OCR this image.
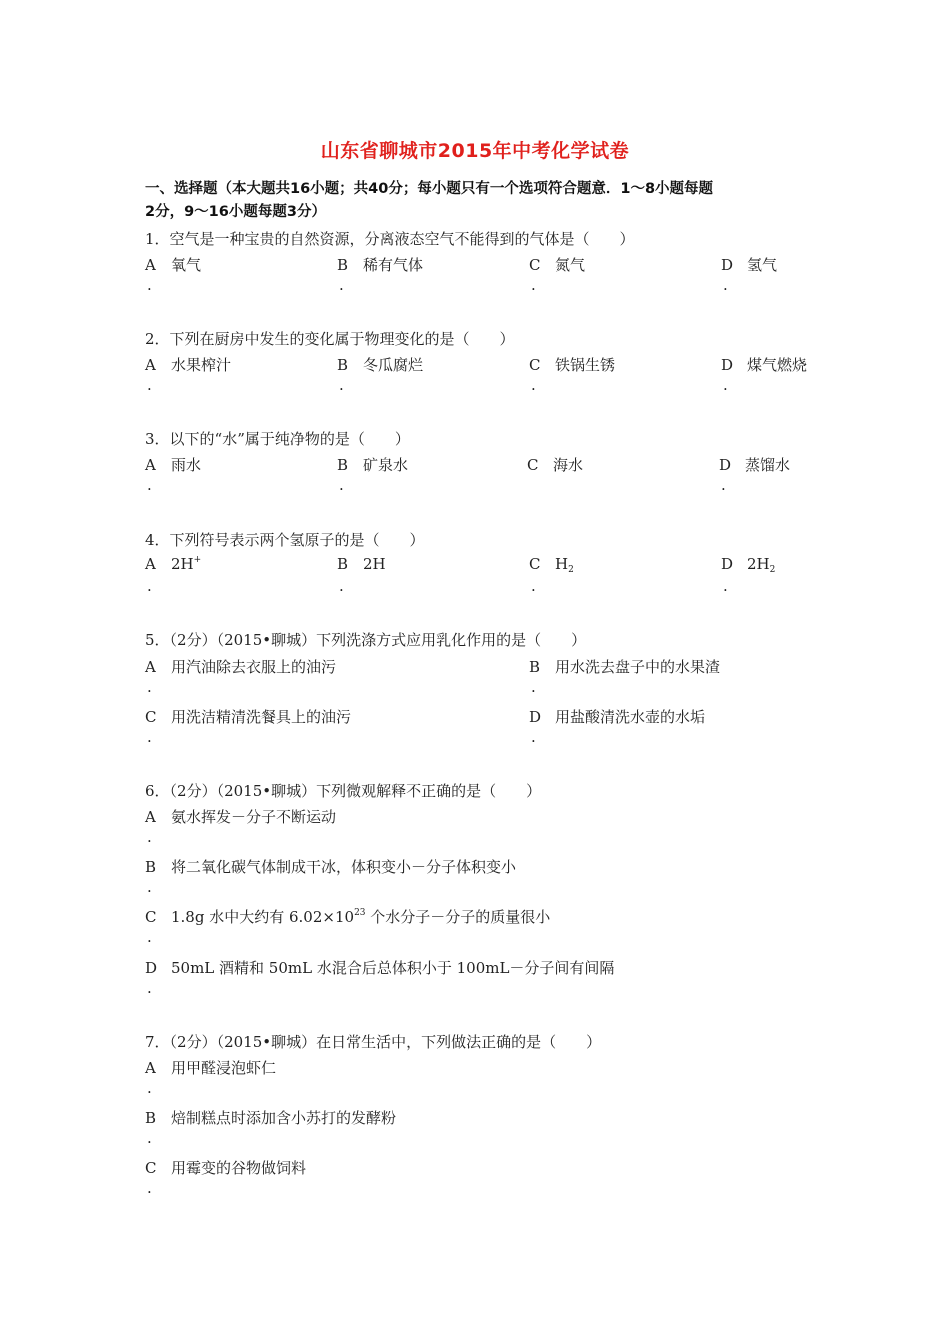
山东省聊城市2015年中考化学试卷
一、选择题（本大题共16小题；共40分；每小题只有一个选项符合题意．1～8小题每题
2分，9～16小题每题3分）
1．空气是一种宝贵的自然资源，分离液态空气不能得到的气体是（　　）
A 氧气	B 稀有气体	C 氮气	D 氢气
.	.	.	.
2．下列在厨房中发生的变化属于物理变化的是（　　）
A 水果榨汁	B 冬瓜腐烂	C 铁锅生锈	D 煤气燃烧
.	.	.	.
3．以下的“水”属于纯净物的是（　　）
A 雨水	B 矿泉水	C 海水	D 蒸馏水
.	.	.
4．下列符号表示两个氢原子的是（　　）
A 2H+	B 2H	C $H_2$	D $2H_2$
.	.	.	.
5．（2分）（2015•聊城）下列洗涤方式应用乳化作用的是（　　）
A 用汽油除去衣服上的油污	B 用水洗去盘子中的水果渣
.	.
C 用洗洁精清洗餐具上的油污	D 用盐酸清洗水壶的水垢
.	.
6．（2分）（2015•聊城）下列微观解释不正确的是（　　）
A 氨水挥发－分子不断运动
.
B 将二氧化碳气体制成干冰，体积变小－分子体积变小
.
C 1.8g 水中大约有 $6.02\times 10^{23}$ 个水分子－分子的质量很小
.
D 50mL 酒精和 50mL 水混合后总体积小于 100mL－分子间有间隔
.
7．（2分）（2015•聊城）在日常生活中，下列做法正确的是（　　）
A 用甲醛浸泡虾仁
.
B 焙制糕点时添加含小苏打的发酵粉
.
C 用霉变的谷物做饲料
.
